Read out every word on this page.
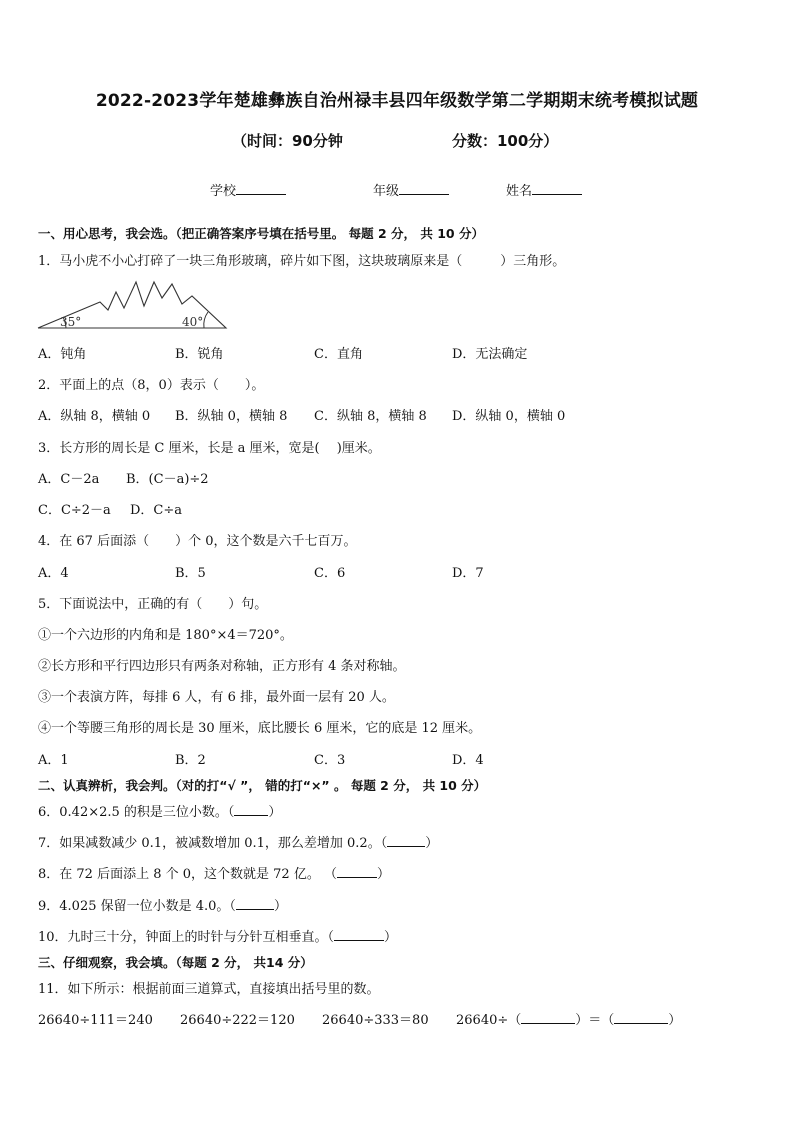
2022-2023学年楚雄彝族自治州禄丰县四年级数学第二学期期末统考模拟试题
（时间：90分钟	分数：100分）
学校	年级	姓名
一、用心思考，我会选。（把正确答案序号填在括号里。 每题 2 分， 共 10 分）
1．马小虎不小心打碎了一块三角形玻璃，碎片如下图，这块玻璃原来是（	）三角形。
35°	40°
A．钝角	B．锐角	C．直角	D．无法确定
2．平面上的点（8，0）表示（　　）。
A．纵轴 8，横轴 0 B．纵轴 0，横轴 8 C．纵轴 8，横轴 8 D．纵轴 0，横轴 0
3．长方形的周长是 C 厘米，长是 a 厘米，宽是(　 )厘米。
A．C－2a B．(C－a)÷2
C．C÷2－a D．C÷a
4．在 67 后面添（　　）个 0，这个数是六千七百万。
A．4	B．5	C．6	D．7
5．下面说法中，正确的有（　　）句。
①一个六边形的内角和是 180°×4＝720°。
②长方形和平行四边形只有两条对称轴，正方形有 4 条对称轴。
③一个表演方阵，每排 6 人，有 6 排，最外面一层有 20 人。
④一个等腰三角形的周长是 30 厘米，底比腰长 6 厘米，它的底是 12 厘米。
A．1	B．2	C．3	D．4
二、认真辨析，我会判。（对的打“√ ”， 错的打“×” 。 每题 2 分， 共 10 分）
6．0.42×2.5 的积是三位小数。（	）
7．如果减数减少 0.1，被减数增加 0.1，那么差增加 0.2。（	）
8．在 72 后面添上 8 个 0，这个数就是 72 亿。 （	）
9．4.025 保留一位小数是 4.0。（	）
10．九时三十分，钟面上的时针与分针互相垂直。（	）
三、仔细观察，我会填。（每题 2 分， 共14 分）
11．如下所示：根据前面三道算式，直接填出括号里的数。
26640÷111＝240 26640÷222＝120 26640÷333＝80 26640÷（	）＝（	）
